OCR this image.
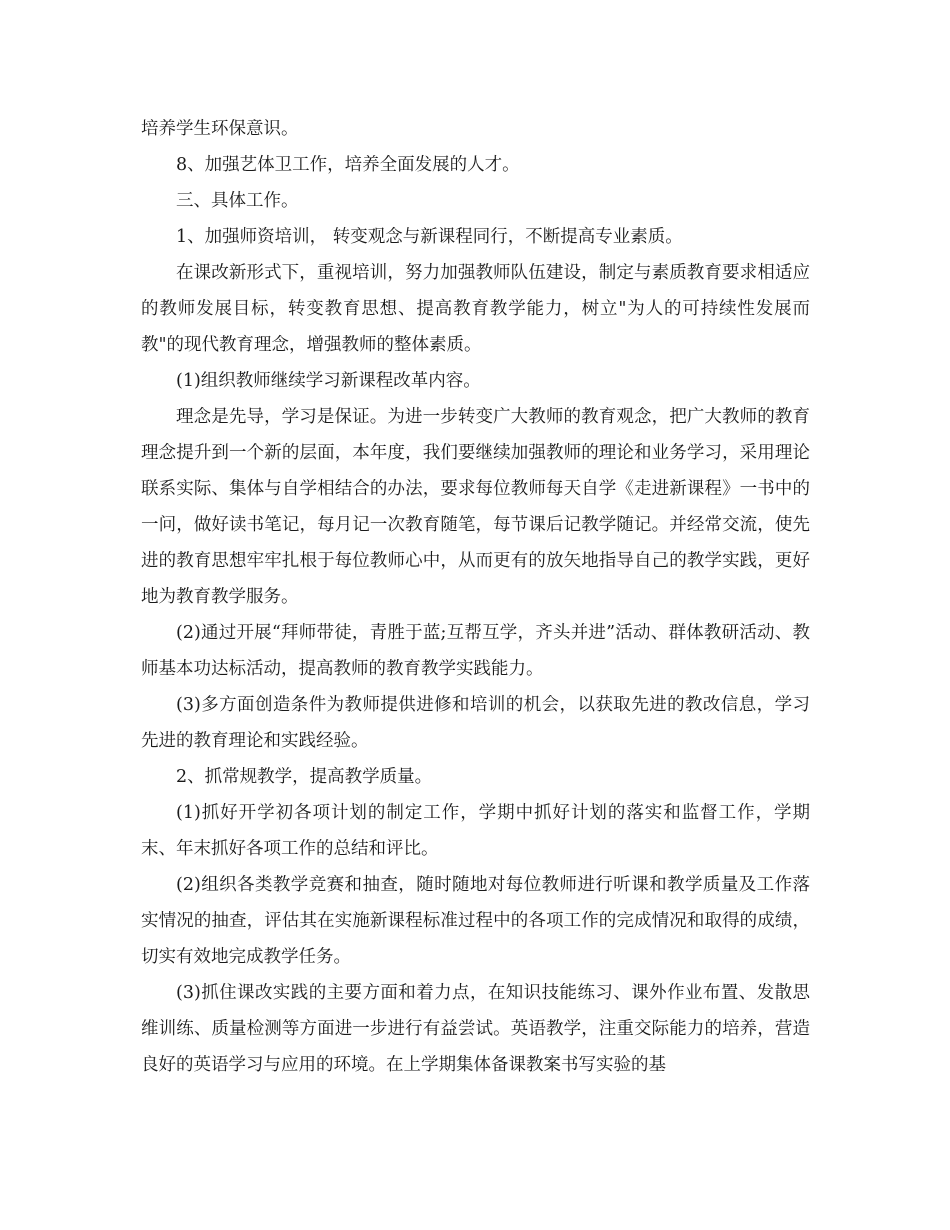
培养学生环保意识。

8、加强艺体卫工作，培养全面发展的人才。

三、具体工作。

1、加强师资培训， 转变观念与新课程同行，不断提高专业素质。

在课改新形式下，重视培训，努力加强教师队伍建设，制定与素质教育要求相适应的教师发展目标，转变教育思想、提高教育教学能力，树立"为人的可持续性发展而教"的现代教育理念，增强教师的整体素质。

(1)组织教师继续学习新课程改革内容。

理念是先导，学习是保证。为进一步转变广大教师的教育观念，把广大教师的教育理念提升到一个新的层面，本年度，我们要继续加强教师的理论和业务学习，采用理论联系实际、集体与自学相结合的办法，要求每位教师每天自学《走进新课程》一书中的一问，做好读书笔记，每月记一次教育随笔，每节课后记教学随记。并经常交流，使先进的教育思想牢牢扎根于每位教师心中，从而更有的放矢地指导自己的教学实践，更好地为教育教学服务。

(2)通过开展“拜师带徒，青胜于蓝;互帮互学，齐头并进”活动、群体教研活动、教师基本功达标活动，提高教师的教育教学实践能力。

(3)多方面创造条件为教师提供进修和培训的机会，以获取先进的教改信息，学习先进的教育理论和实践经验。

2、抓常规教学，提高教学质量。

(1)抓好开学初各项计划的制定工作，学期中抓好计划的落实和监督工作，学期末、年末抓好各项工作的总结和评比。

(2)组织各类教学竞赛和抽查，随时随地对每位教师进行听课和教学质量及工作落实情况的抽查，评估其在实施新课程标准过程中的各项工作的完成情况和取得的成绩，切实有效地完成教学任务。

(3)抓住课改实践的主要方面和着力点，在知识技能练习、课外作业布置、发散思维训练、质量检测等方面进一步进行有益尝试。英语教学，注重交际能力的培养，营造良好的英语学习与应用的环境。在上学期集体备课教案书写实验的基
